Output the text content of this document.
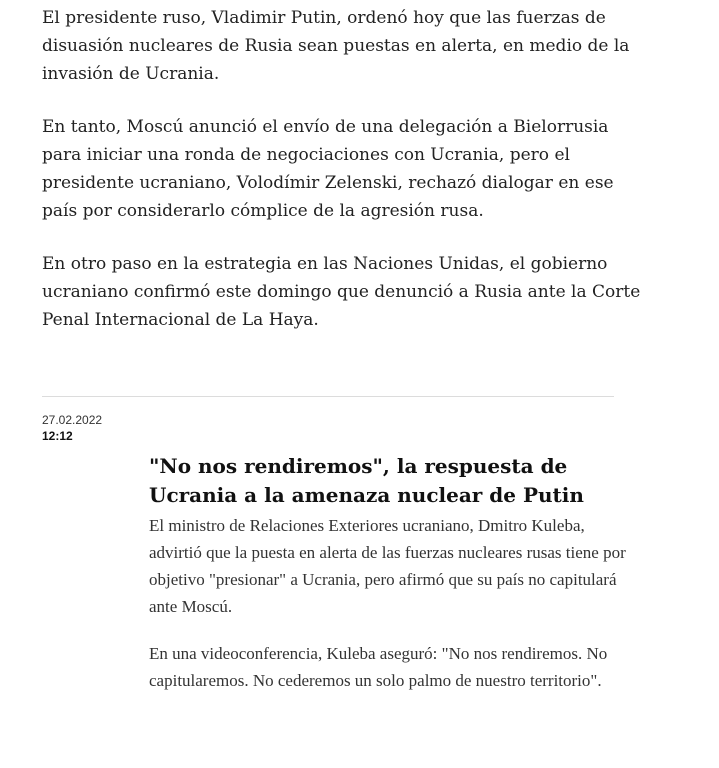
El presidente ruso, Vladimir Putin, ordenó hoy que las fuerzas de disuasión nucleares de Rusia sean puestas en alerta, en medio de la invasión de Ucrania.

En tanto, Moscú anunció el envío de una delegación a Bielorrusia para iniciar una ronda de negociaciones con Ucrania, pero el presidente ucraniano, Volodímir Zelenski, rechazó dialogar en ese país por considerarlo cómplice de la agresión rusa.

En otro paso en la estrategia en las Naciones Unidas, el gobierno ucraniano confirmó este domingo que denunció a Rusia ante la Corte Penal Internacional de La Haya.

27.02.2022
12:12
"No nos rendiremos", la respuesta de Ucrania a la amenaza nuclear de Putin

El ministro de Relaciones Exteriores ucraniano, Dmitro Kuleba, advirtió que la puesta en alerta de las fuerzas nucleares rusas tiene por objetivo "presionar" a Ucrania, pero afirmó que su país no capitulará ante Moscú.

En una videoconferencia, Kuleba aseguró: "No nos rendiremos. No capitularemos. No cederemos un solo palmo de nuestro territorio".
